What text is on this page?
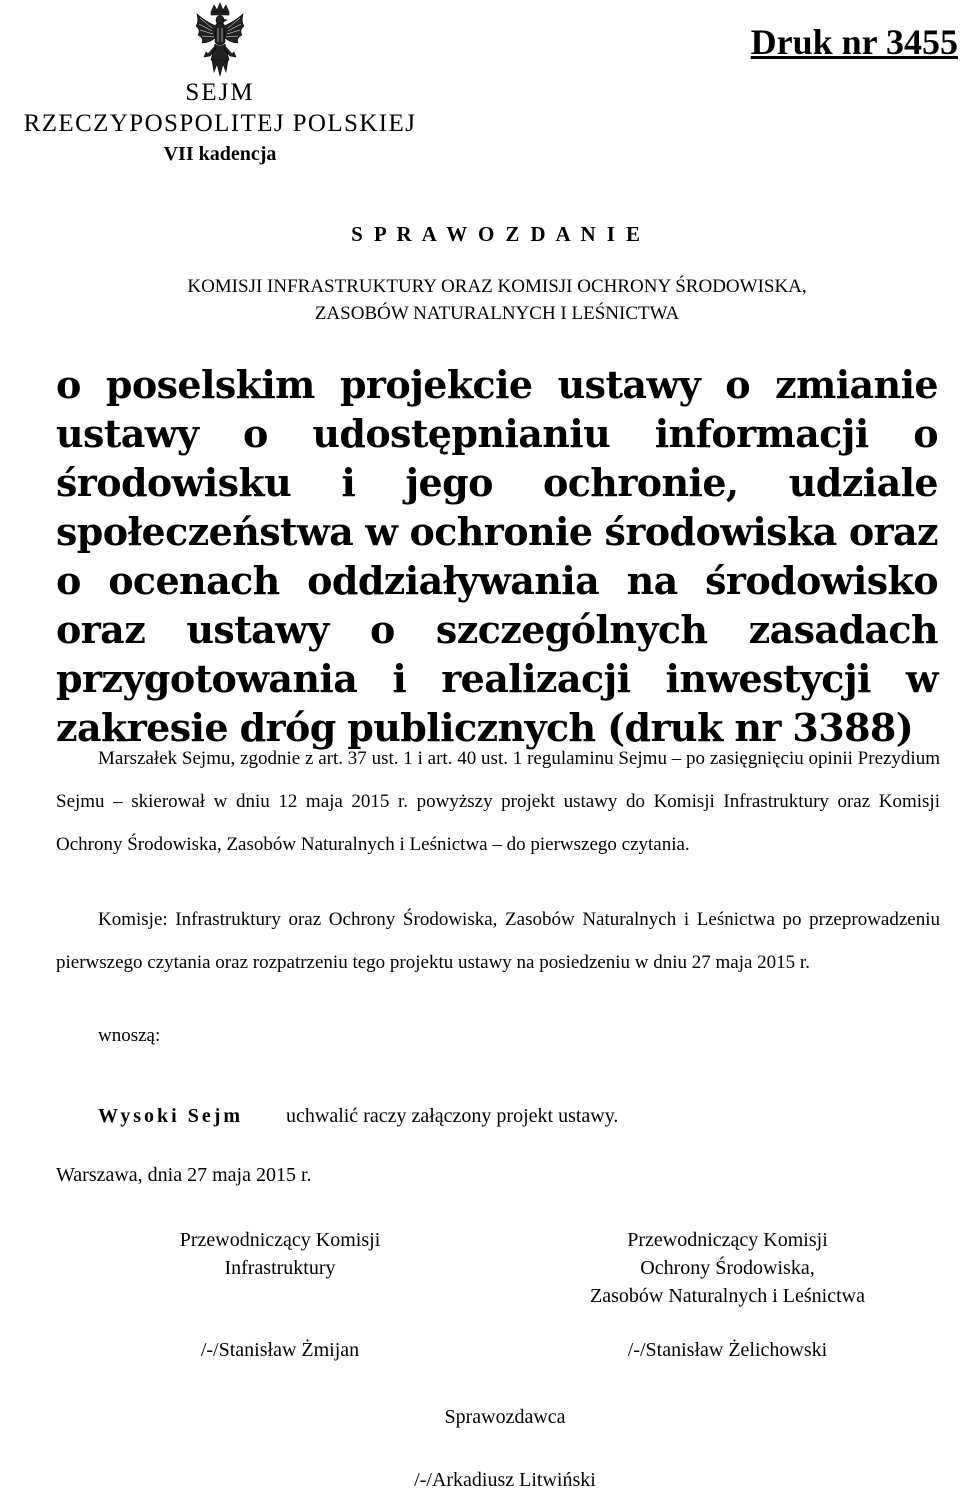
Druk nr 3455
SEJM
RZECZYPOSPOLITEJ POLSKIEJ
VII kadencja
S P R A W O Z D A N I E
KOMISJI INFRASTRUKTURY ORAZ KOMISJI OCHRONY ŚRODOWISKA,
ZASOBÓW NATURALNYCH I LEŚNICTWA
o poselskim projekcie ustawy o zmianie ustawy o udostępnianiu informacji o środowisku i jego ochronie, udziale społeczeństwa w ochronie środowiska oraz o ocenach oddziaływania na środowisko oraz ustawy o szczególnych zasadach przygotowania i realizacji inwestycji w zakresie dróg publicznych (druk nr 3388)
Marszałek Sejmu, zgodnie z art. 37 ust. 1 i art. 40 ust. 1 regulaminu Sejmu – po zasięgnięciu opinii Prezydium Sejmu – skierował w dniu 12 maja 2015 r. powyższy projekt ustawy do Komisji Infrastruktury oraz Komisji Ochrony Środowiska, Zasobów Naturalnych i Leśnictwa – do pierwszego czytania.
Komisje: Infrastruktury oraz Ochrony Środowiska, Zasobów Naturalnych i Leśnictwa po przeprowadzeniu pierwszego czytania oraz rozpatrzeniu tego projektu ustawy na posiedzeniu w dniu 27 maja 2015 r.
wnoszą:
Wysoki Sejm uchwalić raczy załączony projekt ustawy.
Warszawa, dnia 27 maja 2015 r.
Przewodniczący Komisji
Infrastruktury
Przewodniczący Komisji
Ochrony Środowiska,
Zasobów Naturalnych i Leśnictwa
/-/Stanisław Żmijan	/-/Stanisław Żelichowski
Sprawozdawca
/-/Arkadiusz Litwiński
